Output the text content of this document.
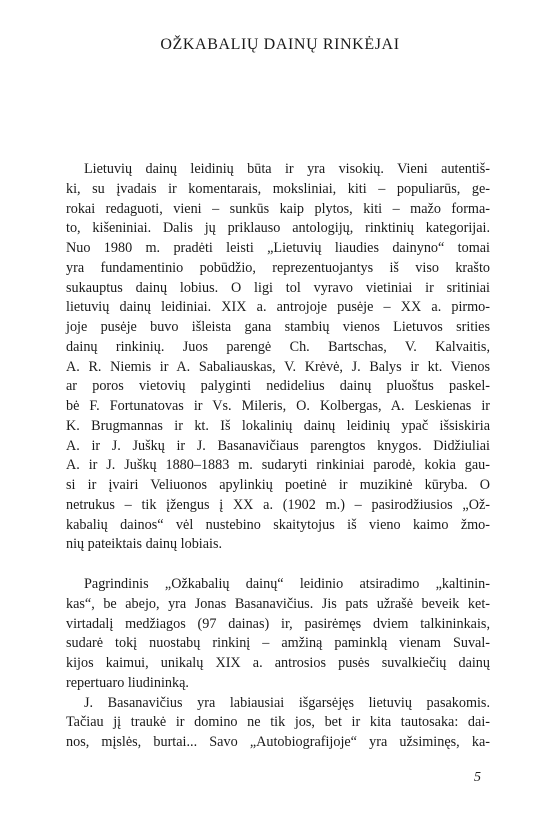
OŽKABALIŲ DAINŲ RINKĖJAI
Lietuvių dainų leidinių būta ir yra visokių. Vieni autentiš-
ki, su įvadais ir komentarais, moksliniai, kiti – populiarūs, ge-
rokai redaguoti, vieni – sunkūs kaip plytos, kiti – mažo forma-
to, kišeniniai. Dalis jų priklauso antologijų, rinktinių kategorijai.
Nuo 1980 m. pradėti leisti „Lietuvių liaudies dainyno“ tomai
yra fundamentinio pobūdžio, reprezentuojantys iš viso krašto
sukauptus dainų lobius. O ligi tol vyravo vietiniai ir sritiniai
lietuvių dainų leidiniai. XIX a. antrojoje pusėje – XX a. pirmo-
joje pusėje buvo išleista gana stambių vienos Lietuvos srities
dainų rinkinių. Juos parengė Ch. Bartschas, V. Kalvaitis,
A. R. Niemis ir A. Sabaliauskas, V. Krėvė, J. Balys ir kt. Vienos
ar poros vietovių palyginti nedidelius dainų pluoštus paskel-
bė F. Fortunatovas ir Vs. Mileris, O. Kolbergas, A. Leskienas ir
K. Brugmannas ir kt. Iš lokalinių dainų leidinių ypač išsiskiria
A. ir J. Juškų ir J. Basanavičiaus parengtos knygos. Didžiuliai
A. ir J. Juškų 1880–1883 m. sudaryti rinkiniai parodė, kokia gau-
si ir įvairi Veliuonos apylinkių poetinė ir muzikinė kūryba. O
netrukus – tik įžengus į XX a. (1902 m.) – pasirodžiusios „Ož-
kabalių dainos“ vėl nustebino skaitytojus iš vieno kaimo žmo-
nių pateiktais dainų lobiais.
Pagrindinis „Ožkabalių dainų“ leidinio atsiradimo „kaltinin-
kas“, be abejo, yra Jonas Basanavičius. Jis pats užrašė beveik ket-
virtadalį medžiagos (97 dainas) ir, pasirėmęs dviem talkininkais,
sudarė tokį nuostabų rinkinį – amžiną paminklą vienam Suval-
kijos kaimui, unikalų XIX a. antrosios pusės suvalkiečių dainų
repertuaro liudininką.
J. Basanavičius yra labiausiai išgarsėjęs lietuvių pasakomis.
Tačiau jį traukė ir domino ne tik jos, bet ir kita tautosaka: dai-
nos, mįslės, burtai... Savo „Autobiografijoje“ yra užsiminęs, ka-
5
